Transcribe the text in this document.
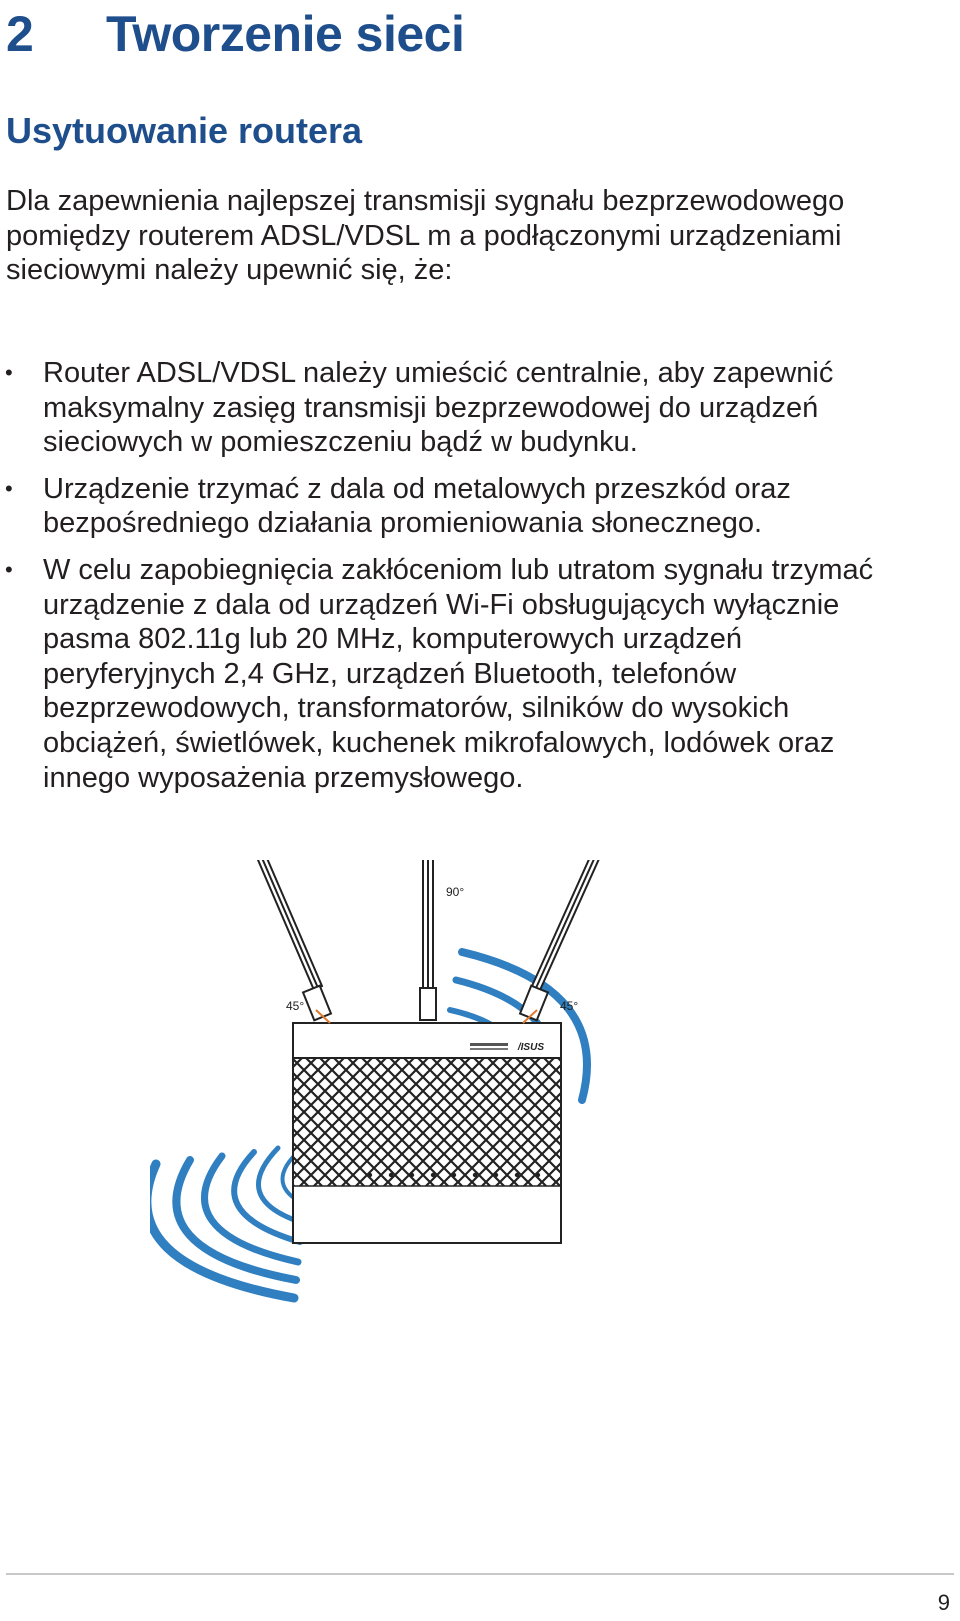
2	Tworzenie sieci
Usytuowanie routera

Dla zapewnienia najlepszej transmisji sygnału bezprzewodowego pomiędzy routerem ADSL/VDSL m a podłączonymi urządzeniami sieciowymi należy upewnić się, że:

• Router ADSL/VDSL należy umieścić centralnie, aby zapewnić maksymalny zasięg transmisji bezprzewodowej do urządzeń sieciowych w pomieszczeniu bądź w budynku.
• Urządzenie trzymać z dala od metalowych przeszkód oraz bezpośredniego działania promieniowania słonecznego.
• W celu zapobiegnięcia zakłóceniom lub utratom sygnału trzymać urządzenie z dala od urządzeń Wi-Fi obsługujących wyłącznie pasma 802.11g lub 20 MHz, komputerowych urządzeń peryferyjnych 2,4 GHz, urządzeń Bluetooth, telefonów bezprzewodowych, transformatorów, silników do wysokich obciążeń, świetlówek, kuchenek mikrofalowych, lodówek oraz innego wyposażenia przemysłowego.
/ISUS
90°
45°	45°
9
